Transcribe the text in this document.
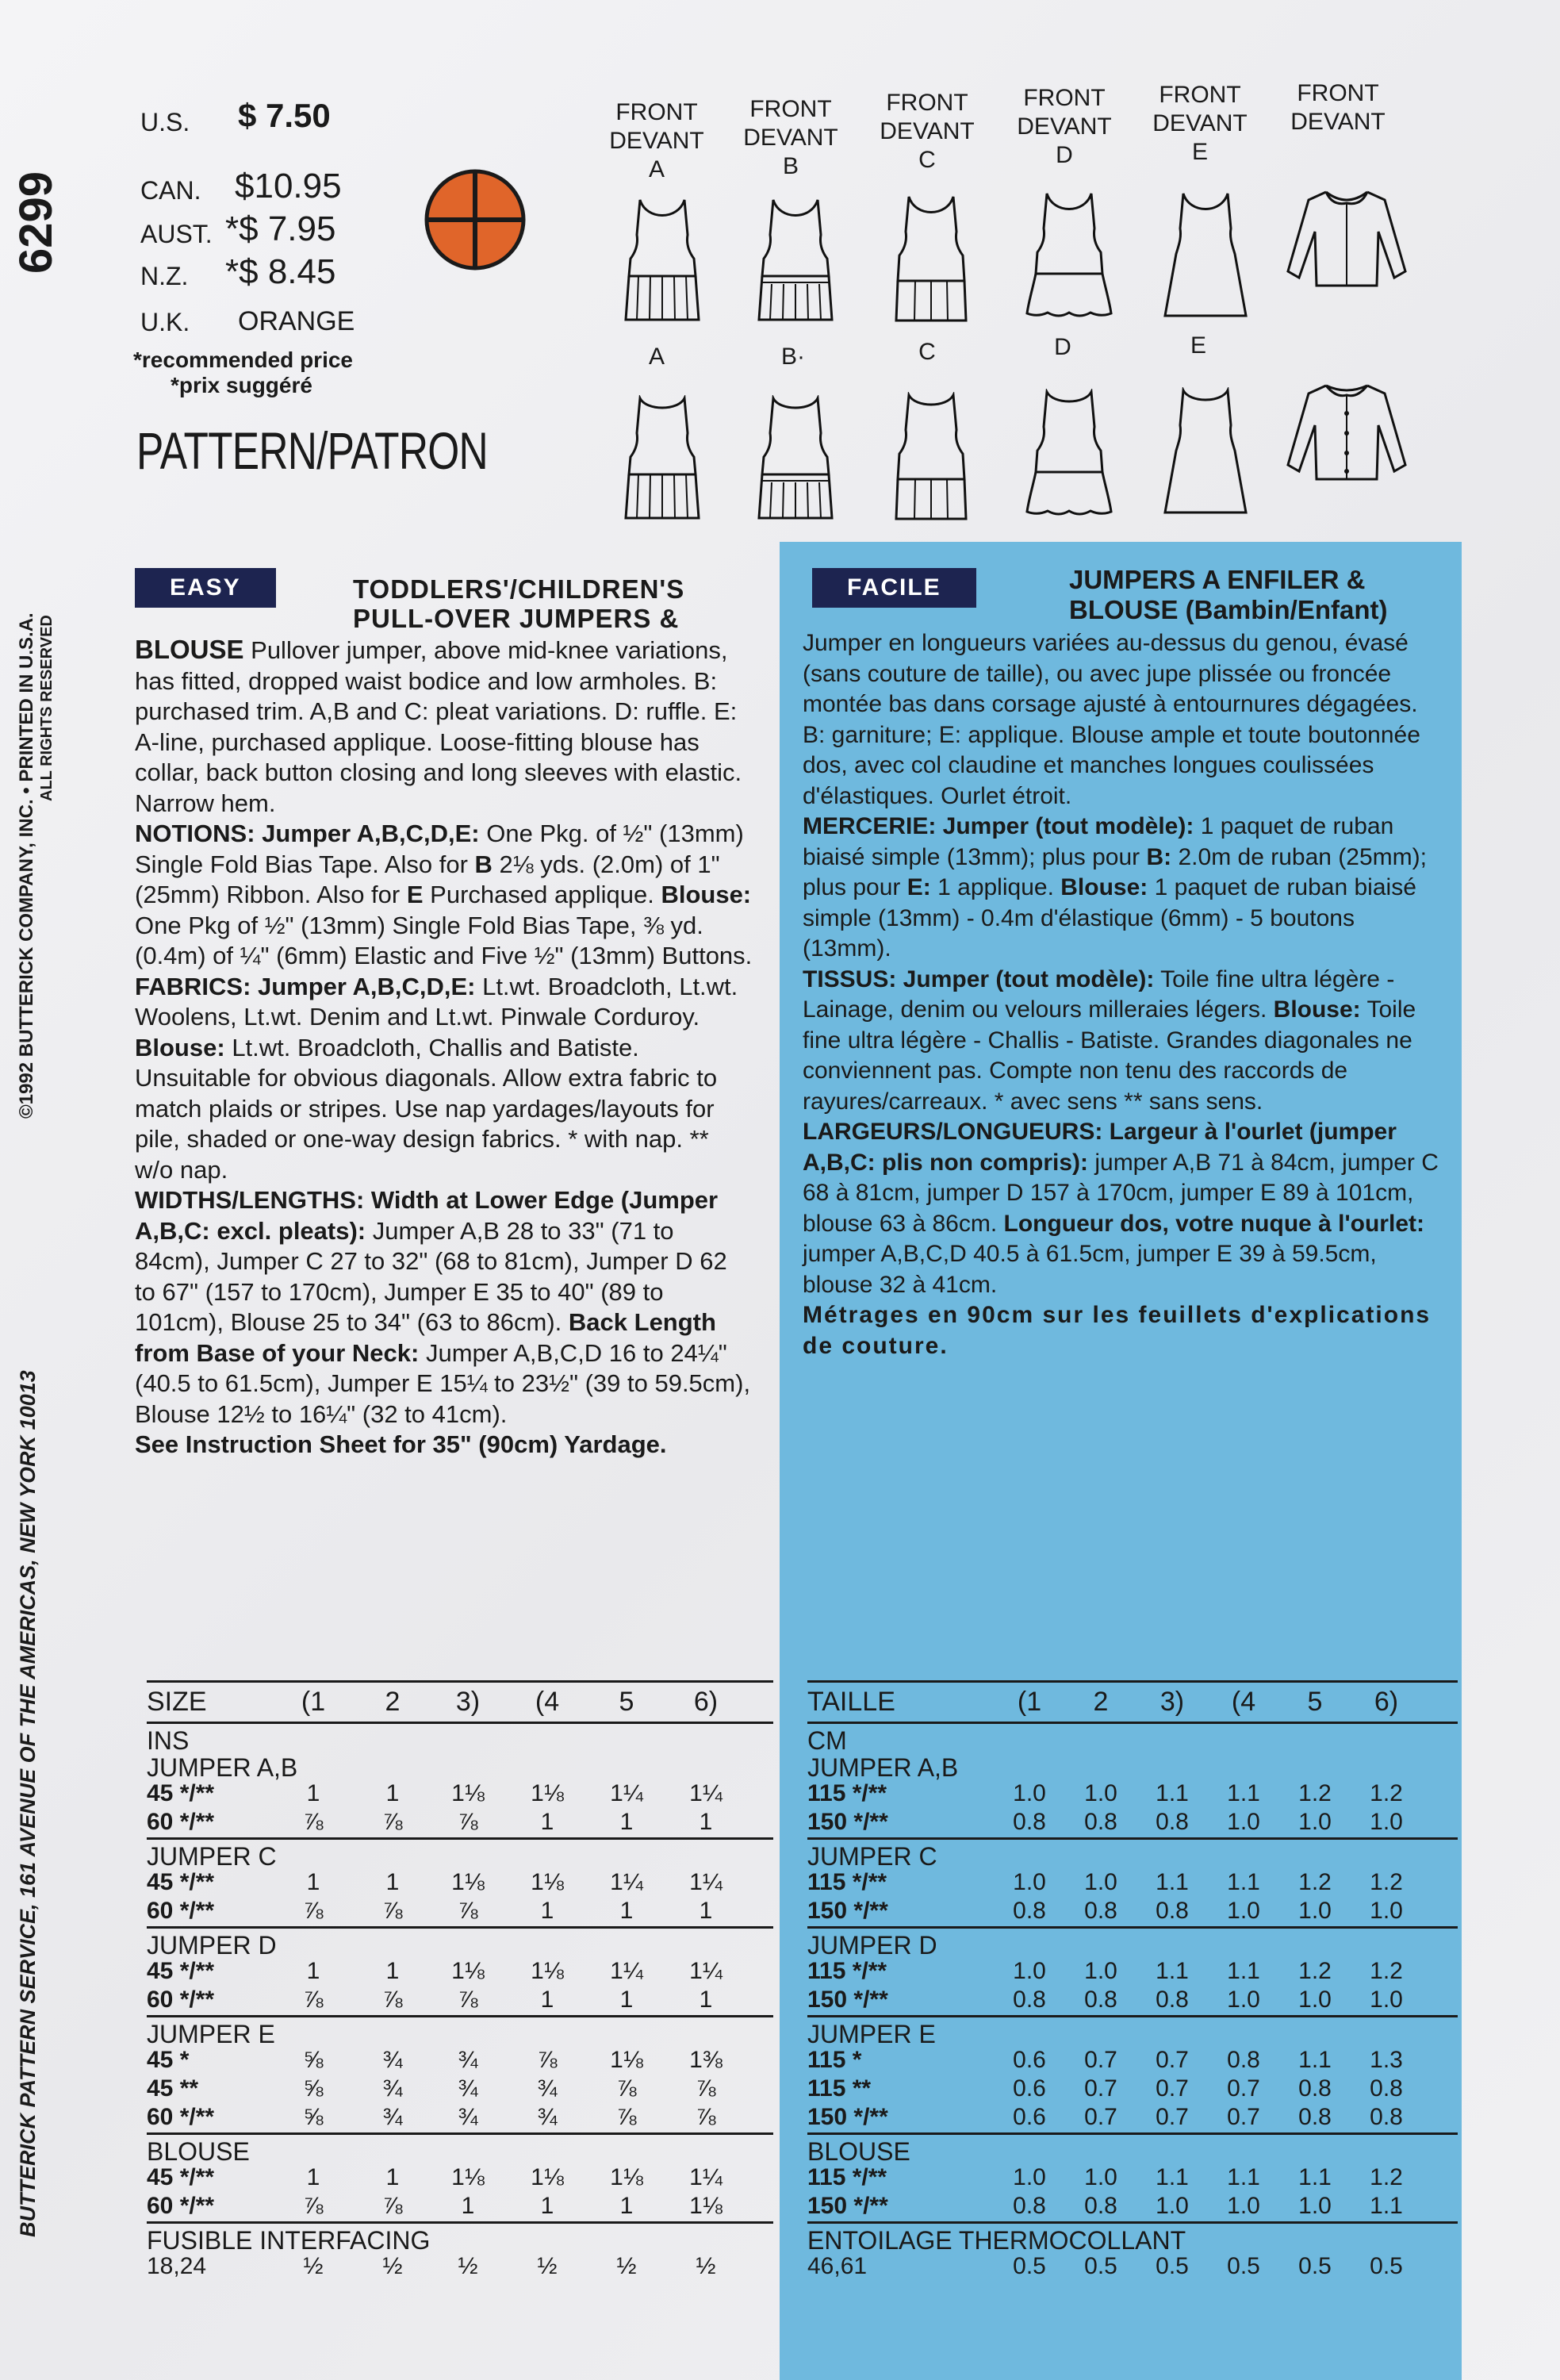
6299
BUTTERICK PATTERN SERVICE, 161 AVENUE OF THE AMERICAS, NEW YORK 10013
©1992 BUTTERICK COMPANY, INC. • PRINTED IN U.S.A. ALL RIGHTS RESERVED
U.S. $ 7.50
CAN. $10.95
AUST. *$ 7.95
N.Z. *$ 8.45
U.K. ORANGE
*recommended price
*prix suggéré
PATTERN/PATRON
FRONT
DEVANT
A
FRONT
DEVANT
B
FRONT
DEVANT
C
FRONT
DEVANT
D
FRONT
DEVANT
E
FRONT
DEVANT
A	B·	C	D	E
EASY	TODDLERS'/CHILDREN'S
PULL-OVER JUMPERS &

BLOUSE Pullover jumper, above mid-knee variations, has fitted, dropped waist bodice and low armholes. B: purchased trim. A,B and C: pleat variations. D: ruffle. E: A-line, purchased applique. Loose-fitting blouse has collar, back button closing and long sleeves with elastic. Narrow hem.

NOTIONS: Jumper A,B,C,D,E: One Pkg. of ½" (13mm) Single Fold Bias Tape. Also for B 2⅛ yds. (2.0m) of 1" (25mm) Ribbon. Also for E Purchased applique. Blouse: One Pkg of ½" (13mm) Single Fold Bias Tape, ⅜ yd. (0.4m) of ¼" (6mm) Elastic and Five ½" (13mm) Buttons.

FABRICS: Jumper A,B,C,D,E: Lt.wt. Broadcloth, Lt.wt. Woolens, Lt.wt. Denim and Lt.wt. Pinwale Corduroy. Blouse: Lt.wt. Broadcloth, Challis and Batiste. Unsuitable for obvious diagonals. Allow extra fabric to match plaids or stripes. Use nap yardages/layouts for pile, shaded or one-way design fabrics. * with nap. ** w/o nap.

WIDTHS/LENGTHS: Width at Lower Edge (Jumper A,B,C: excl. pleats): Jumper A,B 28 to 33" (71 to 84cm), Jumper C 27 to 32" (68 to 81cm), Jumper D 62 to 67" (157 to 170cm), Jumper E 35 to 40" (89 to 101cm), Blouse 25 to 34" (63 to 86cm). Back Length from Base of your Neck: Jumper A,B,C,D 16 to 24¼" (40.5 to 61.5cm), Jumper E 15¼ to 23½" (39 to 59.5cm), Blouse 12½ to 16¼" (32 to 41cm).

See Instruction Sheet for 35" (90cm) Yardage.

FACILE	JUMPERS A ENFILER &
BLOUSE (Bambin/Enfant)

Jumper en longueurs variées au-dessus du genou, évasé (sans couture de taille), ou avec jupe plissée ou froncée montée bas dans corsage ajusté à entournures dégagées. B: garniture; E: applique. Blouse ample et toute boutonnée dos, avec col claudine et manches longues coulissées d'élastiques. Ourlet étroit.

MERCERIE: Jumper (tout modèle): 1 paquet de ruban biaisé simple (13mm); plus pour B: 2.0m de ruban (25mm); plus pour E: 1 applique. Blouse: 1 paquet de ruban biaisé simple (13mm) - 0.4m d'élastique (6mm) - 5 boutons (13mm).

TISSUS: Jumper (tout modèle): Toile fine ultra légère - Lainage, denim ou velours milleraies légers. Blouse: Toile fine ultra légère - Challis - Batiste. Grandes diagonales ne conviennent pas. Compte non tenu des raccords de rayures/carreaux. * avec sens ** sans sens.

LARGEURS/LONGUEURS: Largeur à l'ourlet (jumper A,B,C: plis non compris): jumper A,B 71 à 84cm, jumper C 68 à 81cm, jumper D 157 à 170cm, jumper E 89 à 101cm, blouse 63 à 86cm. Longueur dos, votre nuque à l'ourlet: jumper A,B,C,D 40.5 à 61.5cm, jumper E 39 à 59.5cm, blouse 32 à 41cm.

Métrages en 90cm sur les feuillets d'explications de couture.

SIZE	(1	2	3)	(4	5	6)
INS
JUMPER A,B
45 */**	1	1	1⅛	1⅛	1¼	1¼
60 */**	⅞	⅞	⅞	1	1	1
JUMPER C
45 */**	1	1	1⅛	1⅛	1¼	1¼
60 */**	⅞	⅞	⅞	1	1	1
JUMPER D
45 */**	1	1	1⅛	1⅛	1¼	1¼
60 */**	⅞	⅞	⅞	1	1	1
JUMPER E
45 *	⅝	¾	¾	⅞	1⅛	1⅜
45 **	⅝	¾	¾	¾	⅞	⅞
60 */**	⅝	¾	¾	¾	⅞	⅞
BLOUSE
45 */**	1	1	1⅛	1⅛	1⅛	1¼
60 */**	⅞	⅞	1	1	1	1⅛
FUSIBLE INTERFACING
18,24	½	½	½	½	½	½
TAILLE	(1	2	3)	(4	5	6)
CM
JUMPER A,B
115 */**	1.0	1.0	1.1	1.1	1.2	1.2
150 */**	0.8	0.8	0.8	1.0	1.0	1.0
JUMPER C
115 */**	1.0	1.0	1.1	1.1	1.2	1.2
150 */**	0.8	0.8	0.8	1.0	1.0	1.0
JUMPER D
115 */**	1.0	1.0	1.1	1.1	1.2	1.2
150 */**	0.8	0.8	0.8	1.0	1.0	1.0
JUMPER E
115 *	0.6	0.7	0.7	0.8	1.1	1.3
115 **	0.6	0.7	0.7	0.7	0.8	0.8
150 */**	0.6	0.7	0.7	0.7	0.8	0.8
BLOUSE
115 */**	1.0	1.0	1.1	1.1	1.1	1.2
150 */**	0.8	0.8	1.0	1.0	1.0	1.1
ENTOILAGE THERMOCOLLANT
46,61	0.5	0.5	0.5	0.5	0.5	0.5
